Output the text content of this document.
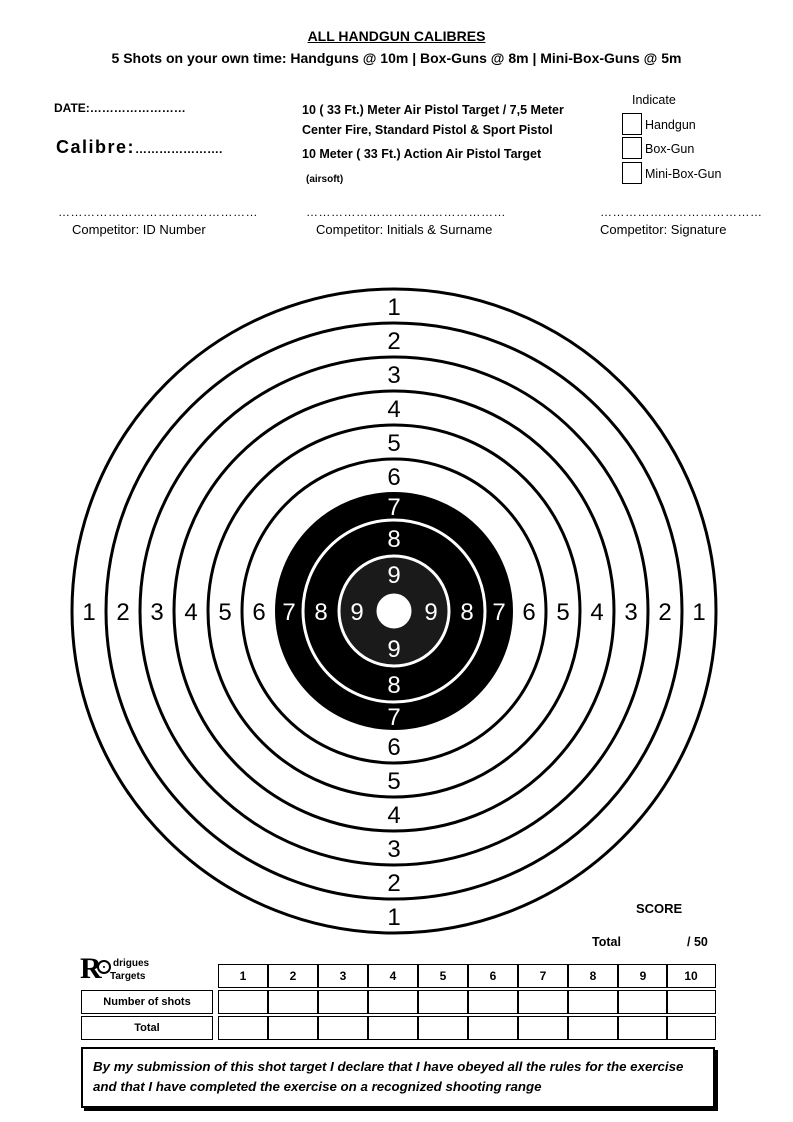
ALL HANDGUN CALIBRES
5 Shots on your own time: Handguns @ 10m | Box-Guns @ 8m | Mini-Box-Guns @ 5m
DATE:……………………
Calibre:………………….
10 ( 33 Ft.) Meter Air Pistol Target / 7,5 Meter
Center Fire, Standard Pistol & Sport Pistol
10 Meter ( 33 Ft.) Action Air Pistol Target
(airsoft)
Indicate
Handgun
Box-Gun
Mini-Box-Gun
…………………………………………	…………………………………………	…………………………………
Competitor: ID Number	Competitor: Initials & Surname	Competitor: Signature
1
1
1	1
2
2
2	2
3
3
3	3
4
4
4	4
5
5
5	5
6
6
6	6
7
7
7	7
8
8
8	8
9
9
9	9
SCORE
Total	/ 50
R drigues
Targets	1	2	3	4	5	6	7	8	9	10
Number of shots
Total
By my submission of this shot target I declare that I have obeyed all the rules for the exercise and that I have completed the exercise on a recognized shooting range
